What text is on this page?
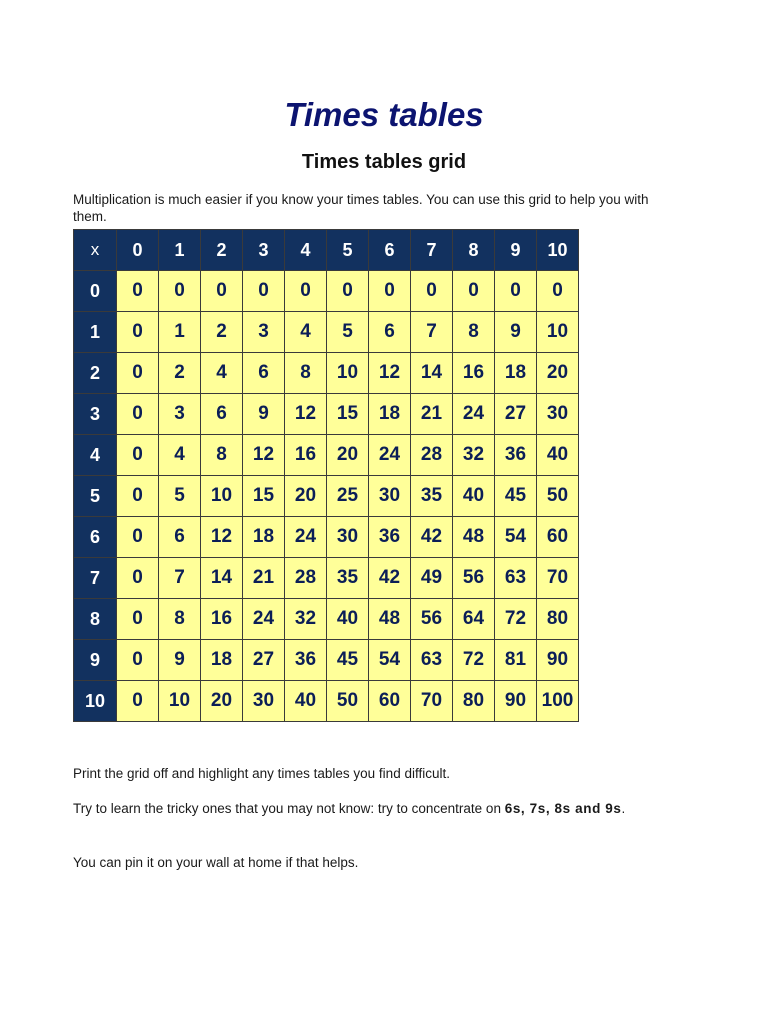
Times tables
Times tables grid

Multiplication is much easier if you know your times tables. You can use this grid to help you with them.

x	0	1	2	3	4	5	6	7	8	9	10
0	0	0	0	0	0	0	0	0	0	0	0
1	0	1	2	3	4	5	6	7	8	9	10
2	0	2	4	6	8	10	12	14	16	18	20
3	0	3	6	9	12	15	18	21	24	27	30
4	0	4	8	12	16	20	24	28	32	36	40
5	0	5	10	15	20	25	30	35	40	45	50
6	0	6	12	18	24	30	36	42	48	54	60
7	0	7	14	21	28	35	42	49	56	63	70
8	0	8	16	24	32	40	48	56	64	72	80
9	0	9	18	27	36	45	54	63	72	81	90
10	0	10	20	30	40	50	60	70	80	90	100

Print the grid off and highlight any times tables you find difficult.

Try to learn the tricky ones that you may not know: try to concentrate on 6s, 7s, 8s and 9s.

You can pin it on your wall at home if that helps.
